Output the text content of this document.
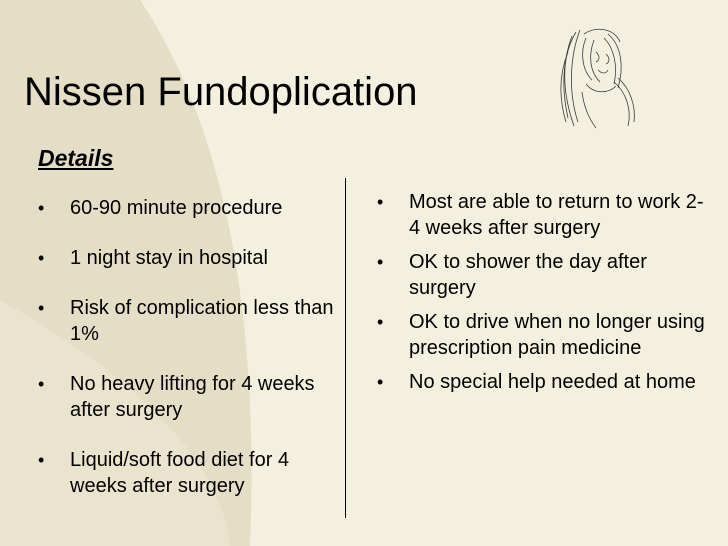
Nissen Fundoplication
Details
• 60-90 minute procedure
• 1 night stay in hospital
• Risk of complication less than 1%
• No heavy lifting for 4 weeks after surgery
• Liquid/soft food diet for 4 weeks after surgery
• Most are able to return to work 2-4 weeks after surgery
• OK to shower the day after surgery
• OK to drive when no longer using prescription pain medicine
• No special help needed at home
